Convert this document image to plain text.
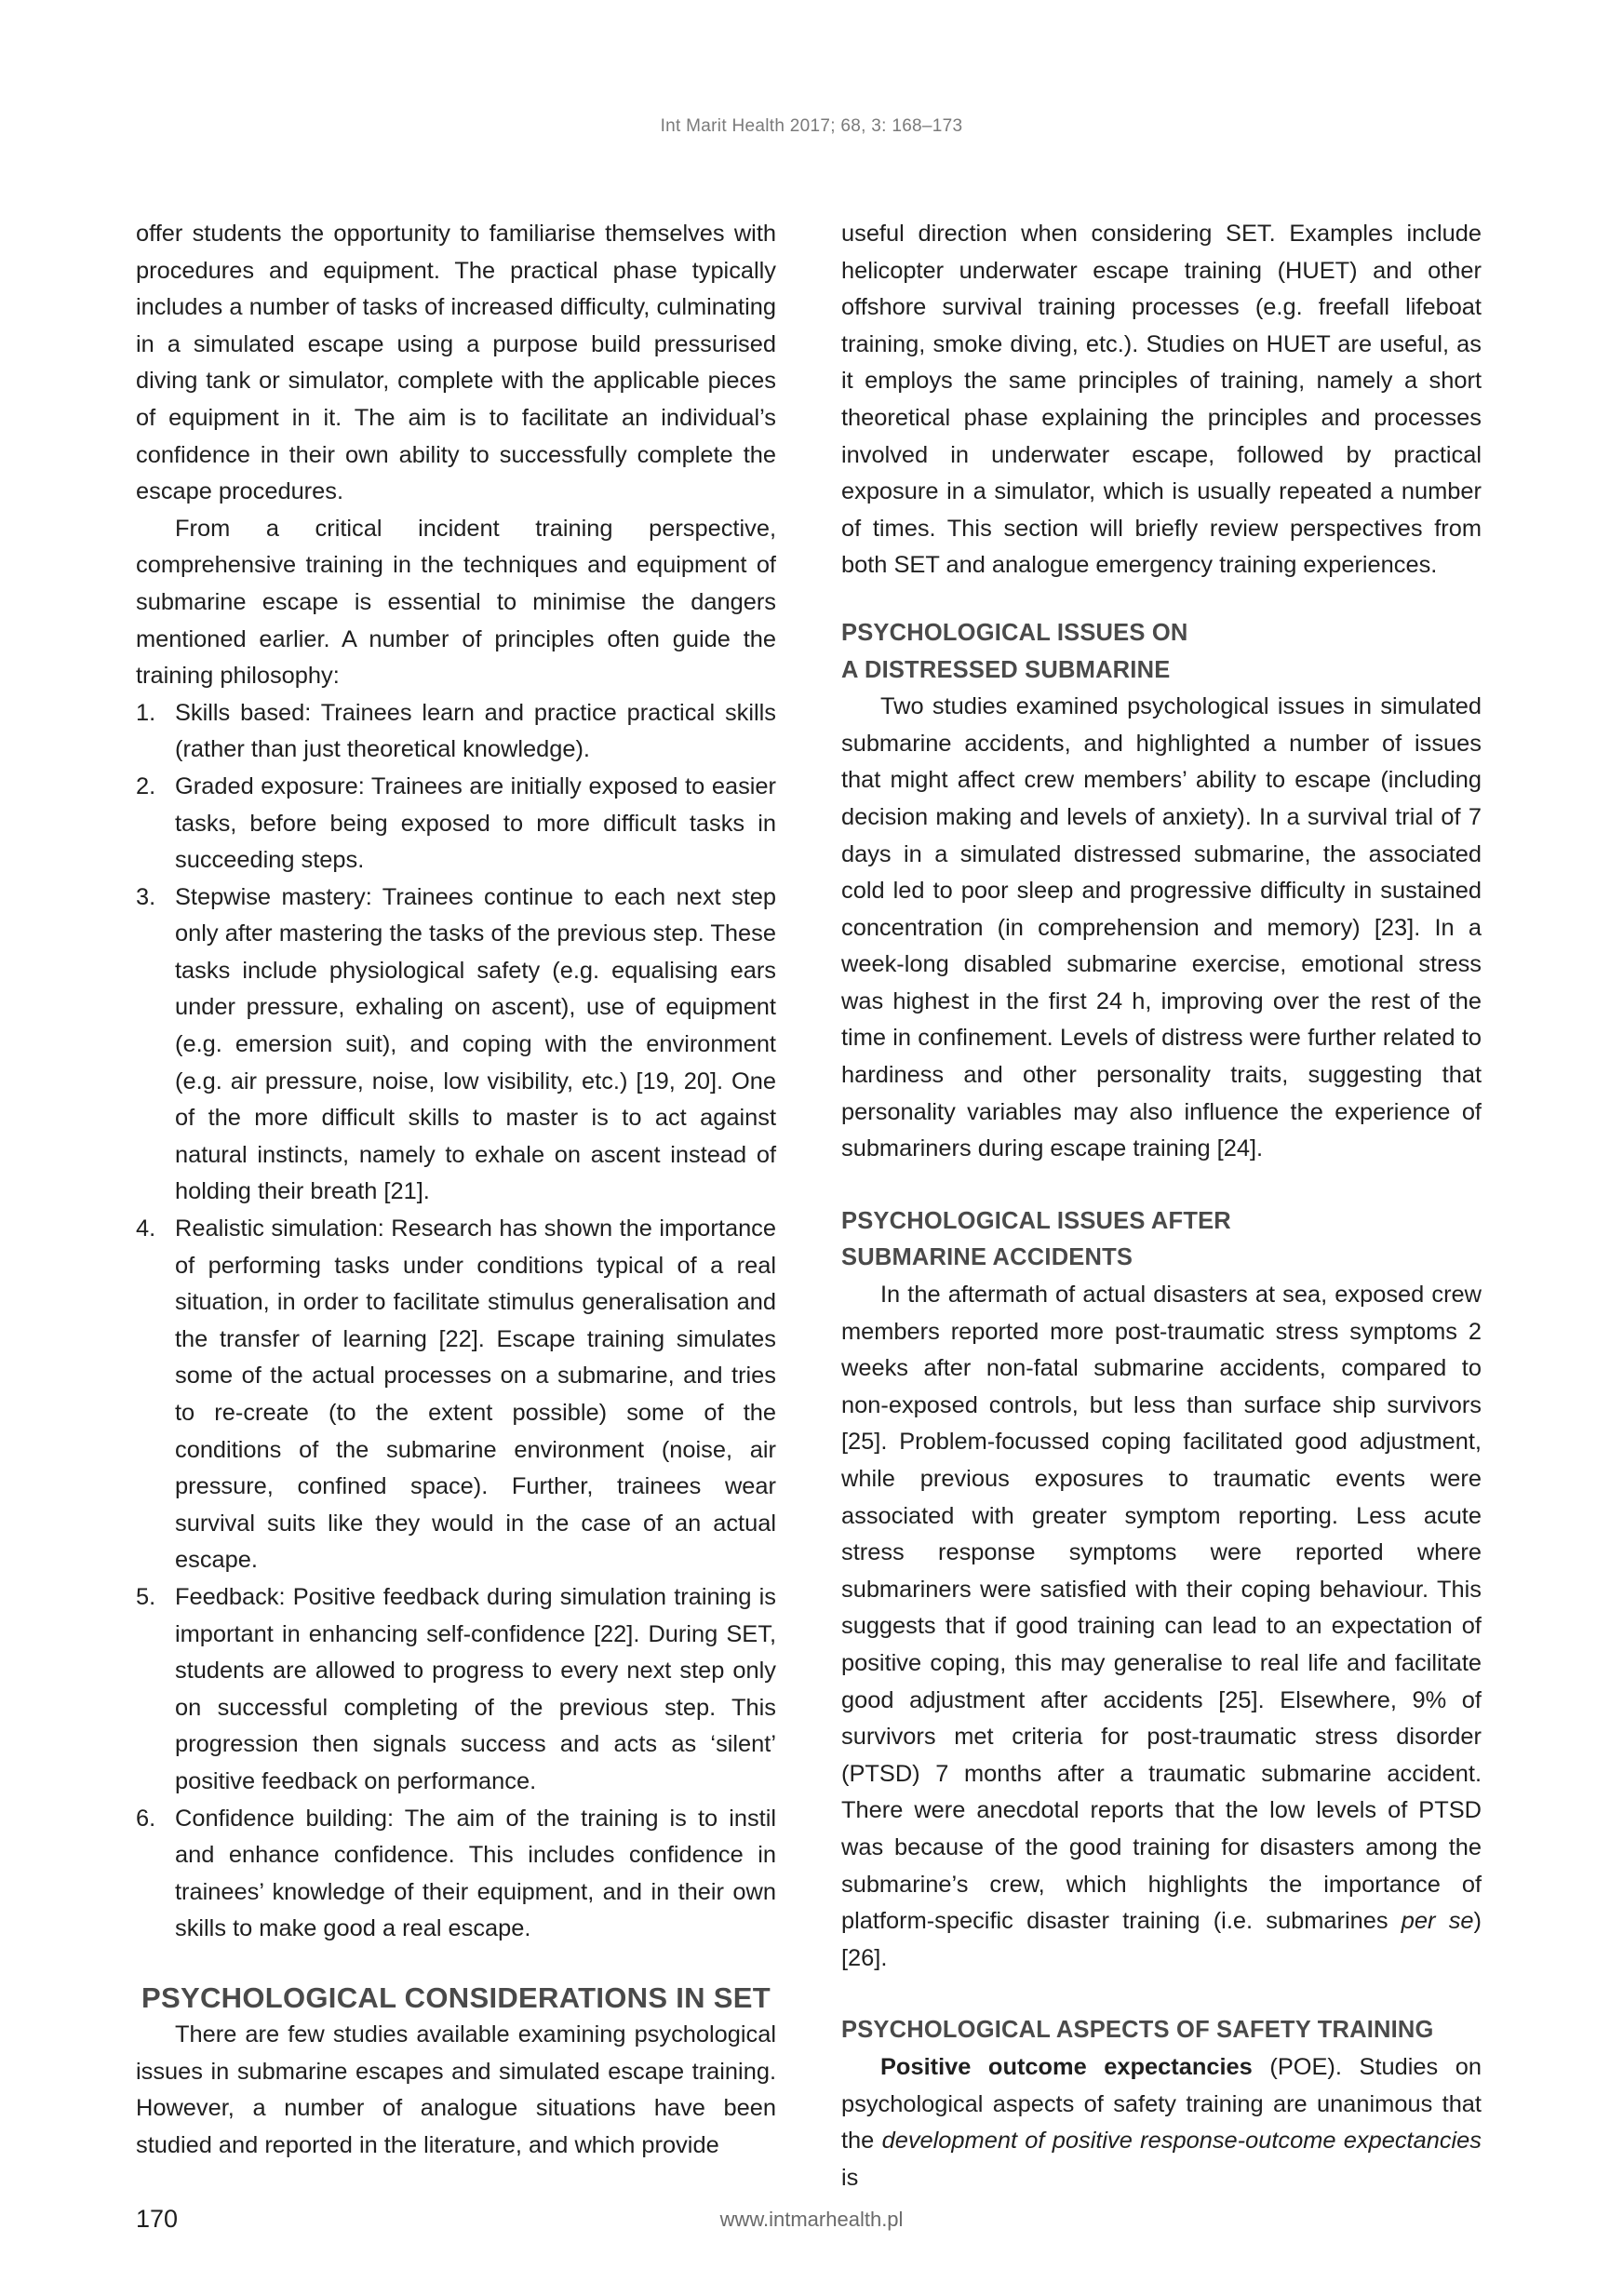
Int Marit Health 2017; 68, 3: 168–173

offer students the opportunity to familiarise themselves with procedures and equipment. The practical phase typically includes a number of tasks of increased difficulty, culminating in a simulated escape using a purpose build pressurised diving tank or simulator, complete with the applicable pieces of equipment in it. The aim is to facilitate an individual’s confidence in their own ability to successfully complete the escape procedures.

From a critical incident training perspective, comprehensive training in the techniques and equipment of submarine escape is essential to minimise the dangers mentioned earlier. A number of principles often guide the training philosophy:

1. Skills based: Trainees learn and practice practical skills (rather than just theoretical knowledge).
2. Graded exposure: Trainees are initially exposed to easier tasks, before being exposed to more difficult tasks in succeeding steps.
3. Stepwise mastery: Trainees continue to each next step only after mastering the tasks of the previous step. These tasks include physiological safety (e.g. equalising ears under pressure, exhaling on ascent), use of equipment (e.g. emersion suit), and coping with the environment (e.g. air pressure, noise, low visibility, etc.) [19, 20]. One of the more difficult skills to master is to act against natural instincts, namely to exhale on ascent instead of holding their breath [21].
4. Realistic simulation: Research has shown the importance of performing tasks under conditions typical of a real situation, in order to facilitate stimulus generalisation and the transfer of learning [22]. Escape training simulates some of the actual processes on a submarine, and tries to re-create (to the extent possible) some of the conditions of the submarine environment (noise, air pressure, confined space). Further, trainees wear survival suits like they would in the case of an actual escape.
5. Feedback: Positive feedback during simulation training is important in enhancing self-confidence [22]. During SET, students are allowed to progress to every next step only on successful completing of the previous step. This progression then signals success and acts as ‘silent’ positive feedback on performance.
6. Confidence building: The aim of the training is to instil and enhance confidence. This includes confidence in trainees’ knowledge of their equipment, and in their own skills to make good a real escape.
PSYCHOLOGICAL CONSIDERATIONS IN SET

There are few studies available examining psychological issues in submarine escapes and simulated escape training. However, a number of analogue situations have been studied and reported in the literature, and which provide

useful direction when considering SET. Examples include helicopter underwater escape training (HUET) and other offshore survival training processes (e.g. freefall lifeboat training, smoke diving, etc.). Studies on HUET are useful, as it employs the same principles of training, namely a short theoretical phase explaining the principles and processes involved in underwater escape, followed by practical exposure in a simulator, which is usually repeated a number of times. This section will briefly review perspectives from both SET and analogue emergency training experiences.

PSYCHOLOGICAL ISSUES ON
A DISTRESSED SUBMARINE

Two studies examined psychological issues in simulated submarine accidents, and highlighted a number of issues that might affect crew members’ ability to escape (including decision making and levels of anxiety). In a survival trial of 7 days in a simulated distressed submarine, the associated cold led to poor sleep and progressive difficulty in sustained concentration (in comprehension and memory) [23]. In a week-long disabled submarine exercise, emotional stress was highest in the first 24 h, improving over the rest of the time in confinement. Levels of distress were further related to hardiness and other personality traits, suggesting that personality variables may also influence the experience of submariners during escape training [24].

PSYCHOLOGICAL ISSUES AFTER
SUBMARINE ACCIDENTS

In the aftermath of actual disasters at sea, exposed crew members reported more post-traumatic stress symptoms 2 weeks after non-fatal submarine accidents, compared to non-exposed controls, but less than surface ship survivors [25]. Problem-focussed coping facilitated good adjustment, while previous exposures to traumatic events were associated with greater symptom reporting. Less acute stress response symptoms were reported where submariners were satisfied with their coping behaviour. This suggests that if good training can lead to an expectation of positive coping, this may generalise to real life and facilitate good adjustment after accidents [25]. Elsewhere, 9% of survivors met criteria for post-traumatic stress disorder (PTSD) 7 months after a traumatic submarine accident. There were anecdotal reports that the low levels of PTSD was because of the good training for disasters among the submarine’s crew, which highlights the importance of platform-specific disaster training (i.e. submarines per se) [26].

PSYCHOLOGICAL ASPECTS OF SAFETY TRAINING

Positive outcome expectancies (POE). Studies on psychological aspects of safety training are unanimous that the development of positive response-outcome expectancies is

170	www.intmarhealth.pl
